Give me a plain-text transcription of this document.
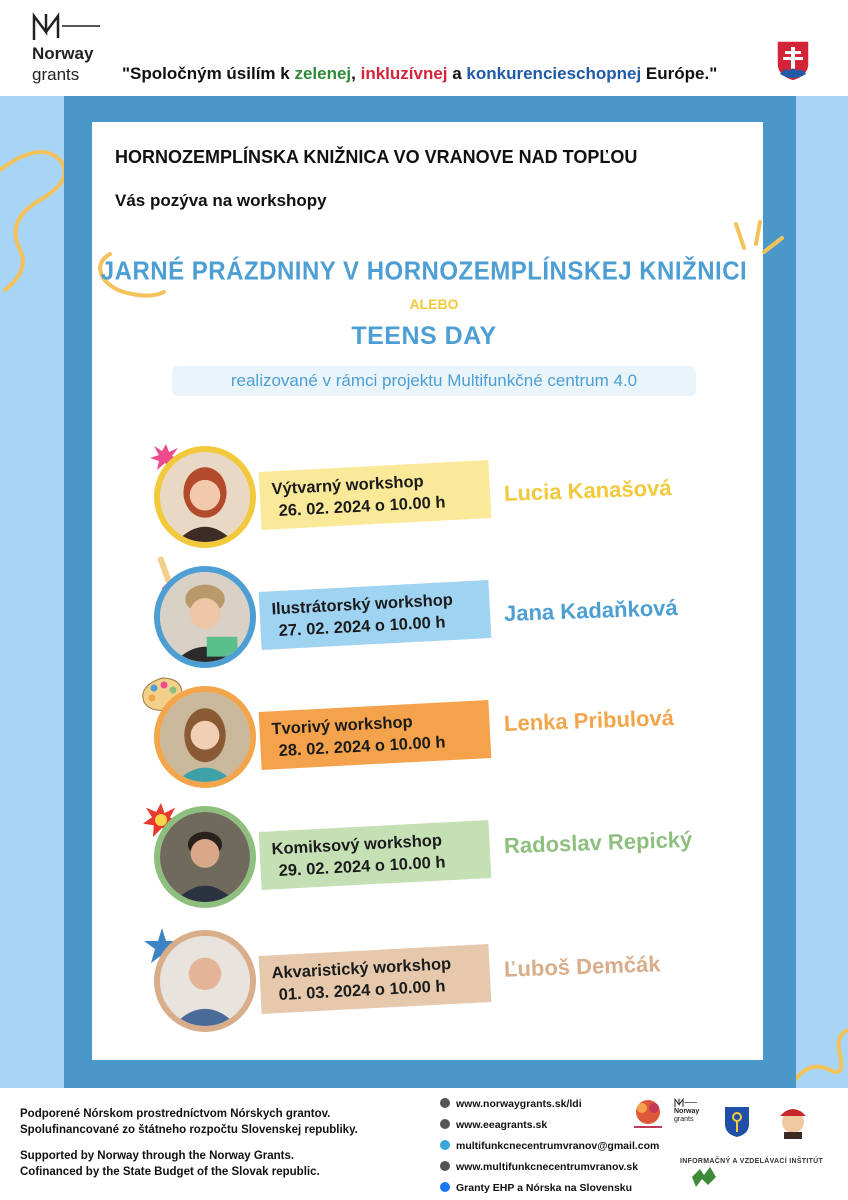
Norway
grants	"Spoločným úsilím k zelenej, inkluzívnej a konkurencieschopnej Európe."
HORNOZEMPLÍNSKA KNIŽNICA VO VRANOVE NAD TOPĽOU
Vás pozýva na workshopy
JARNÉ PRÁZDNINY V HORNOZEMPLÍNSKEJ KNIŽNICI
ALEBO
TEENS DAY
realizované v rámci projektu Multifunkčné centrum 4.0
Výtvarný workshop
26. 02. 2024 o 10.00 h
Lucia Kanašová
Ilustrátorský workshop
27. 02. 2024 o 10.00 h
Jana Kadaňková
Tvorivý workshop
28. 02. 2024 o 10.00 h
Lenka Pribulová
Komiksový workshop
29. 02. 2024 o 10.00 h
Radoslav Repický
Akvaristický workshop
01. 03. 2024 o 10.00 h
Ľuboš Demčák
Podporené Nórskom prostredníctvom Nórskych grantov.
Spolufinancované zo štátneho rozpočtu Slovenskej republiky.
Supported by Norway through the Norway Grants.
Cofinanced by the State Budget of the Slovak republic.
www.norwaygrants.sk/ldi
www.eeagrants.sk
multifunkcnecentrumvranov@gmail.com
www.multifunkcnecentrumvranov.sk
Granty EHP a Nórska na Slovensku
Norway
grants
INFORMAČNÝ A VZDELÁVACÍ INŠTITÚT
